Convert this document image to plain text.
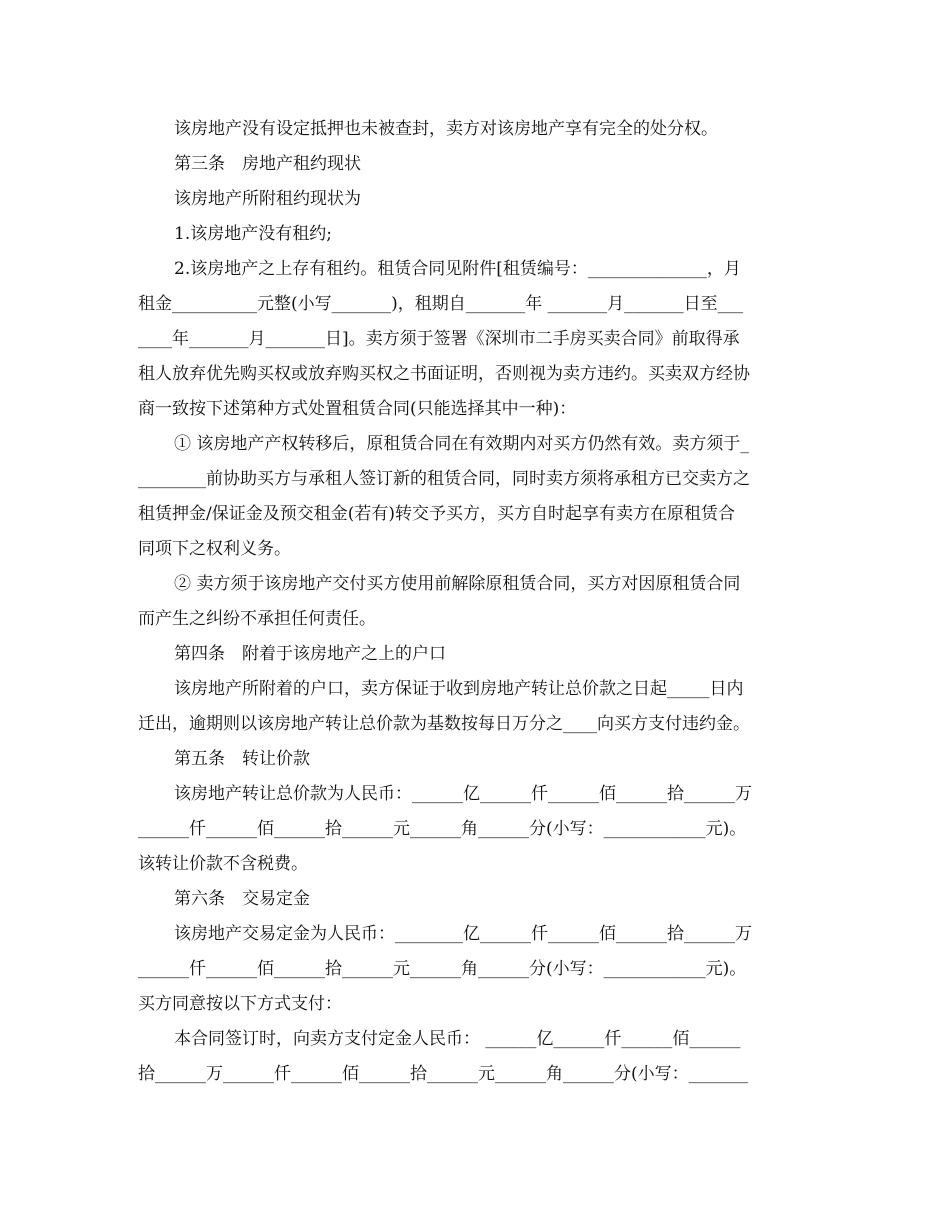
该房地产没有设定抵押也未被查封，卖方对该房地产享有完全的处分权。
第三条　房地产租约现状
该房地产所附租约现状为
1.该房地产没有租约;
2.该房地产之上存有租约。租赁合同见附件[租赁编号：______________，月
租金__________元整(小写_______)，租期自_______年 _______月_______日至___
____年_______月_______日]。卖方须于签署《深圳市二手房买卖合同》前取得承
租人放弃优先购买权或放弃购买权之书面证明，否则视为卖方违约。买卖双方经协
商一致按下述第种方式处置租赁合同(只能选择其中一种)：
① 该房地产产权转移后，原租赁合同在有效期内对买方仍然有效。卖方须于_
________前协助买方与承租人签订新的租赁合同，同时卖方须将承租方已交卖方之
租赁押金/保证金及预交租金(若有)转交予买方，买方自时起享有卖方在原租赁合
同项下之权利义务。
② 卖方须于该房地产交付买方使用前解除原租赁合同，买方对因原租赁合同
而产生之纠纷不承担任何责任。
第四条　附着于该房地产之上的户口
该房地产所附着的户口，卖方保证于收到房地产转让总价款之日起_____日内
迁出，逾期则以该房地产转让总价款为基数按每日万分之____向买方支付违约金。
第五条　转让价款
该房地产转让总价款为人民币：______亿______仟______佰______拾______万
______仟______佰______拾______元______角______分(小写：____________元)。
该转让价款不含税费。
第六条　交易定金
该房地产交易定金为人民币：________亿______仟______佰______拾______万
______仟______佰______拾______元______角______分(小写：____________元)。
买方同意按以下方式支付：
本合同签订时，向卖方支付定金人民币： ______亿______仟______佰______
拾______万______仟______佰______拾______元______角______分(小写：_______
